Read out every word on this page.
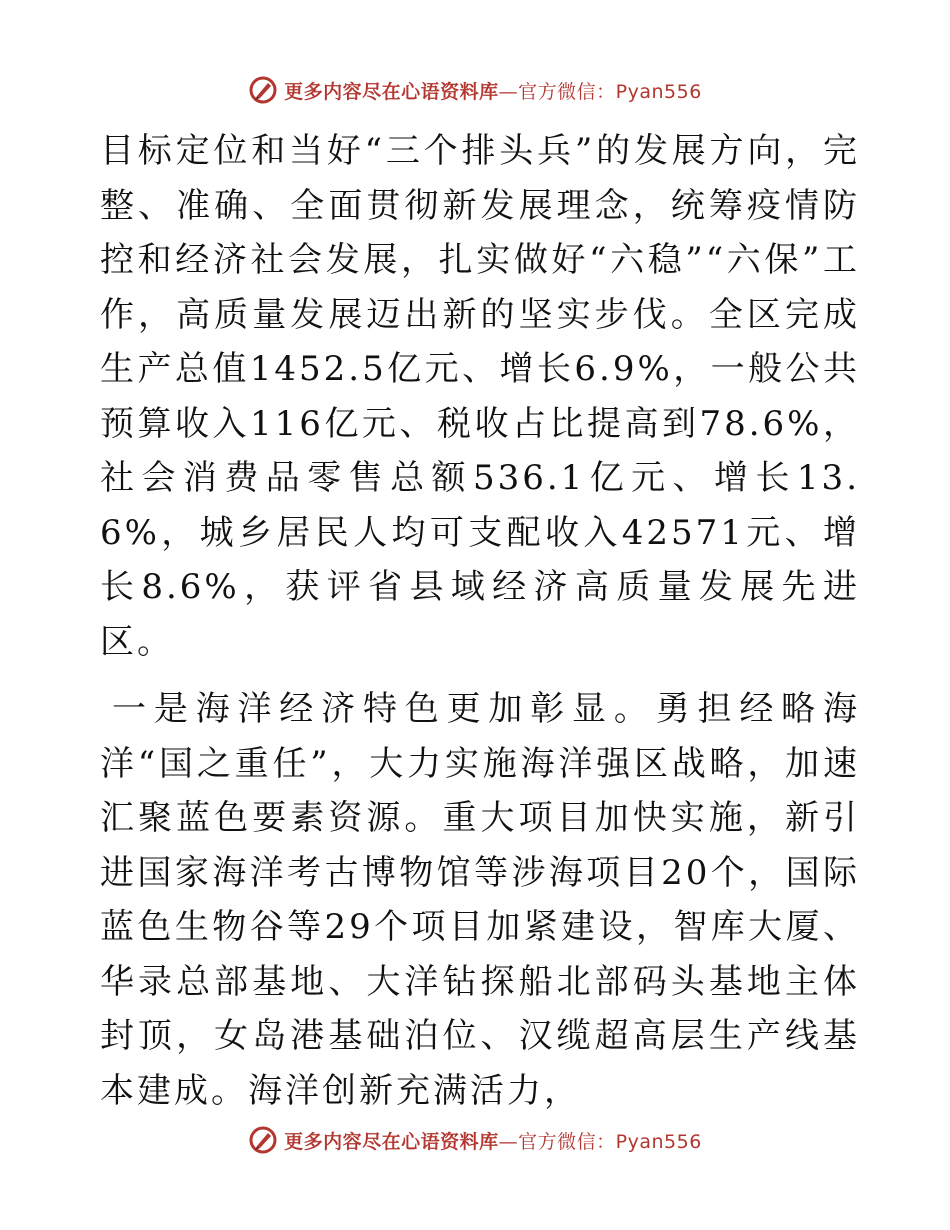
更多内容尽在心语资料库—官方微信：Pyan556

目标定位和当好“三个排头兵”的发展方向，完整、准确、全面贯彻新发展理念，统筹疫情防控和经济社会发展，扎实做好“六稳”“六保”工作，高质量发展迈出新的坚实步伐。全区完成生产总值1452.5亿元、增长6.9%，一般公共预算收入116亿元、税收占比提高到78.6%，社会消费品零售总额536.1亿元、增长13.6%，城乡居民人均可支配收入42571元、增长8.6%，获评省县域经济高质量发展先进区。

一是海洋经济特色更加彰显。勇担经略海洋“国之重任”，大力实施海洋强区战略，加速汇聚蓝色要素资源。重大项目加快实施，新引进国家海洋考古博物馆等涉海项目20个，国际蓝色生物谷等29个项目加紧建设，智库大厦、华录总部基地、大洋钻探船北部码头基地主体封顶，女岛港基础泊位、汉缆超高层生产线基本建成。海洋创新充满活力，

更多内容尽在心语资料库—官方微信：Pyan556
